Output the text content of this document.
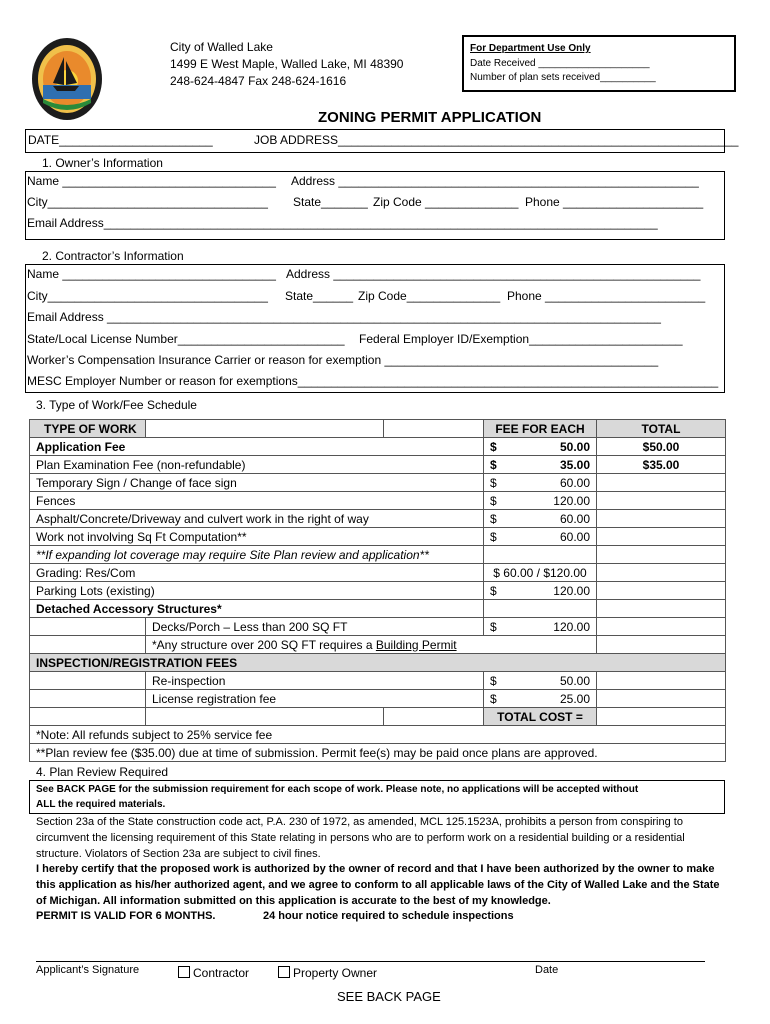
City of Walled Lake
1499 E West Maple, Walled Lake, MI 48390
248-624-4847 Fax 248-624-1616
For Department Use Only
Date Received ____________________
Number of plan sets received__________
ZONING PERMIT APPLICATION
DATE_______________________	JOB ADDRESS____________________________________________________________
1. Owner’s Information
Name ________________________________ Address ______________________________________________________
City_________________________________ State_______ Zip Code ______________ Phone _____________________
Email Address___________________________________________________________________________________
2. Contractor’s Information
Name ________________________________ Address _______________________________________________________
City_________________________________ State______ Zip Code______________ Phone ________________________
Email Address ___________________________________________________________________________________
State/Local License Number_________________________ Federal Employer ID/Exemption_______________________
Worker’s Compensation Insurance Carrier or reason for exemption _________________________________________
MESC Employer Number or reason for exemptions_______________________________________________________________
3. Type of Work/Fee Schedule
TYPE OF WORK			FEE FOR EACH	TOTAL
Application Fee			$ 50.00	$50.00
Plan Examination Fee (non-refundable)			$ 35.00	$35.00
Temporary Sign / Change of face sign			$ 60.00	
Fences			$ 120.00	
Asphalt/Concrete/Driveway and culvert work in the right of way			$ 60.00	
Work not involving Sq Ft Computation**			$ 60.00	
**If expanding lot coverage may require Site Plan review and application**				
Grading: Res/Com			$ 60.00 / $120.00	
Parking Lots (existing)			$ 120.00	
Detached Accessory Structures*				
	Decks/Porch – Less than 200 SQ FT		$ 120.00	
	*Any structure over 200 SQ FT requires a Building Permit			
INSPECTION/REGISTRATION FEES				
	Re-inspection		$ 50.00	
	License registration fee		$ 25.00	
			TOTAL COST =	
*Note: All refunds subject to 25% service fee				
**Plan review fee ($35.00) due at time of submission. Permit fee(s) may be paid once plans are approved.				
4. Plan Review Required
See BACK PAGE for the submission requirement for each scope of work. Please note, no applications will be accepted without
ALL the required materials.
Section 23a of the State construction code act, P.A. 230 of 1972, as amended, MCL 125.1523A, prohibits a person from conspiring to
circumvent the licensing requirement of this State relating in persons who are to perform work on a residential building or a residential
structure. Violators of Section 23a are subject to civil fines.
I hereby certify that the proposed work is authorized by the owner of record and that I have been authorized by the owner to make
this application as his/her authorized agent, and we agree to conform to all applicable laws of the City of Walled Lake and the State
of Michigan. All information submitted on this application is accurate to the best of my knowledge.
PERMIT IS VALID FOR 6 MONTHS.	24 hour notice required to schedule inspections
Applicant’s Signature	Contractor	Property Owner	Date
SEE BACK PAGE
